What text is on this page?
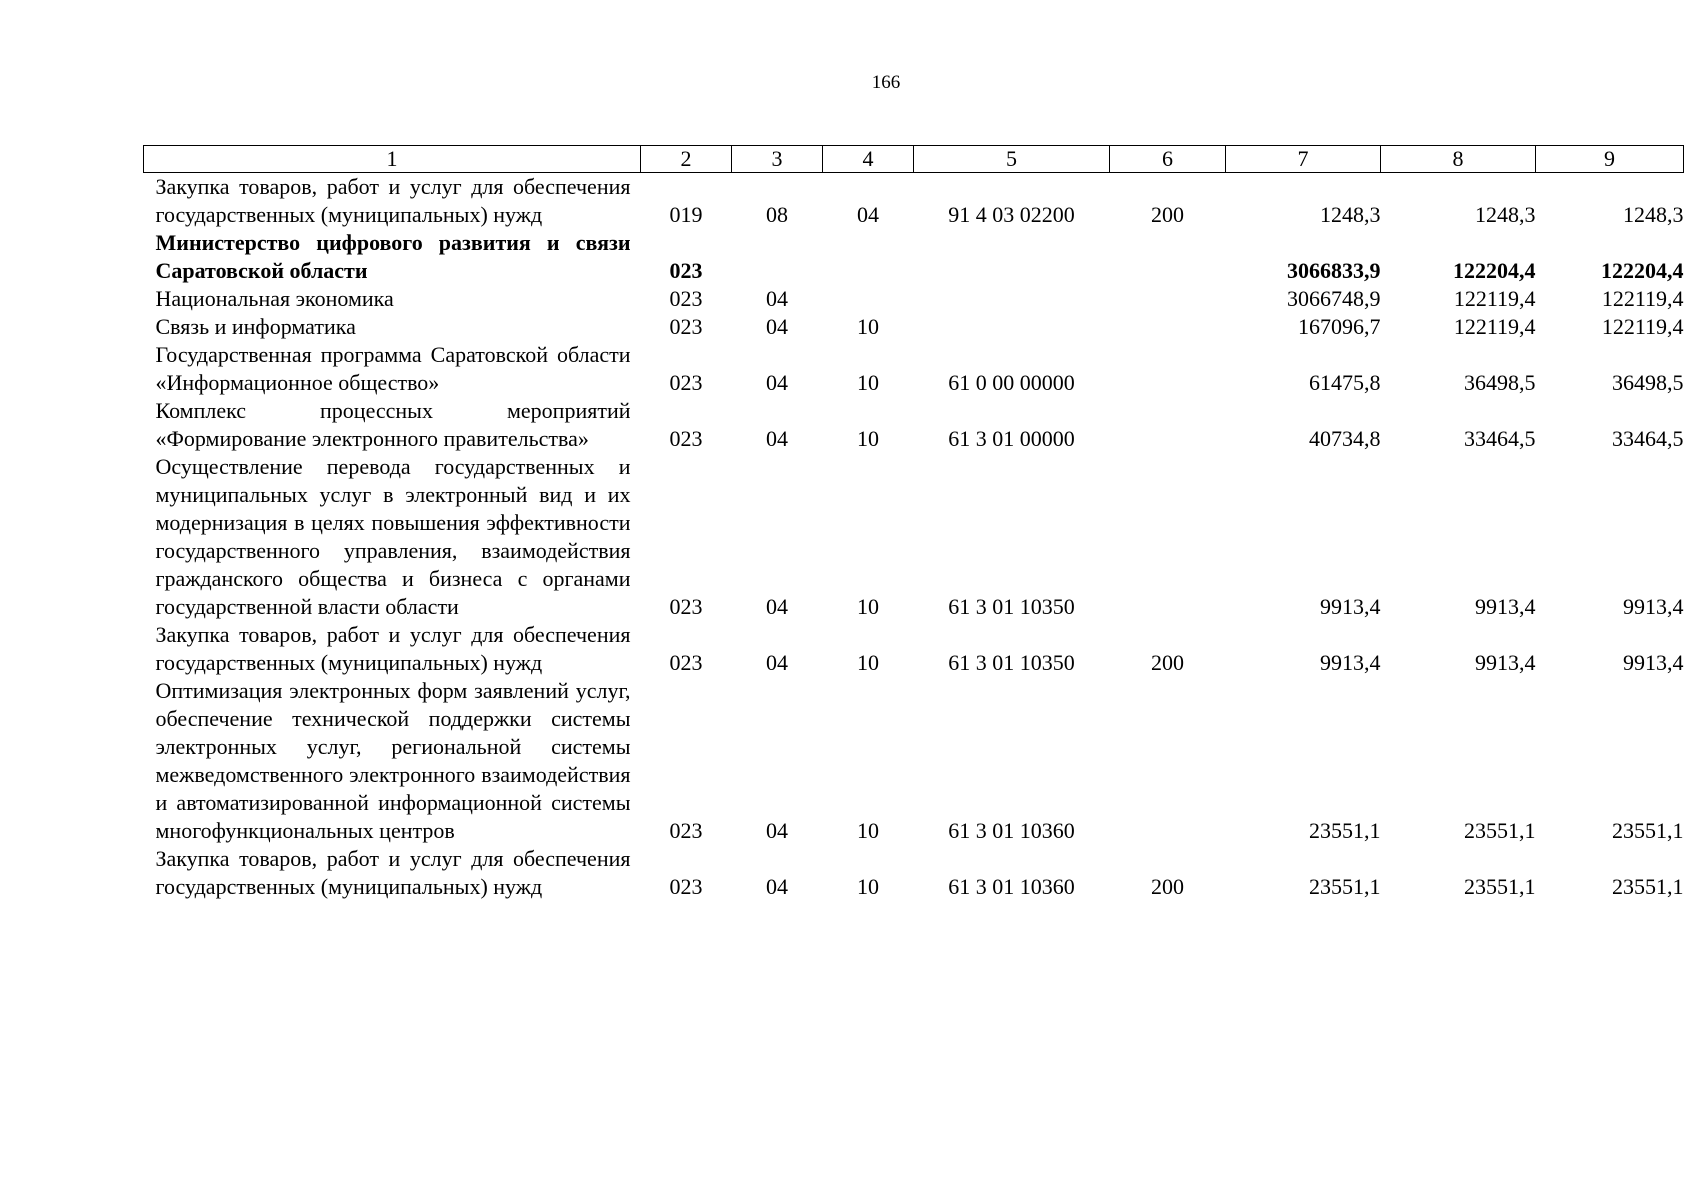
166
1	2	3	4	5	6	7	8	9
Закупка товаров, работ и услуг для обеспечения государственных (муниципальных) нужд	019	08	04	91 4 03 02200	200	1248,3	1248,3	1248,3
Министерство цифрового развития и связи Саратовской области	023					3066833,9	122204,4	122204,4
Национальная экономика	023	04				3066748,9	122119,4	122119,4
Связь и информатика	023	04	10			167096,7	122119,4	122119,4
Государственная программа Саратовской области «Информационное общество»	023	04	10	61 0 00 00000		61475,8	36498,5	36498,5
Комплекс процессных мероприятий «Формирование электронного правительства»	023	04	10	61 3 01 00000		40734,8	33464,5	33464,5
Осуществление перевода государственных и муниципальных услуг в электронный вид и их модернизация в целях повышения эффективности государственного управления, взаимодействия гражданского общества и бизнеса с органами государственной власти области	023	04	10	61 3 01 10350		9913,4	9913,4	9913,4
Закупка товаров, работ и услуг для обеспечения государственных (муниципальных) нужд	023	04	10	61 3 01 10350	200	9913,4	9913,4	9913,4
Оптимизация электронных форм заявлений услуг, обеспечение технической поддержки системы электронных услуг, региональной системы межведомственного электронного взаимодействия и автоматизированной информационной системы многофункциональных центров	023	04	10	61 3 01 10360		23551,1	23551,1	23551,1
Закупка товаров, работ и услуг для обеспечения государственных (муниципальных) нужд	023	04	10	61 3 01 10360	200	23551,1	23551,1	23551,1
